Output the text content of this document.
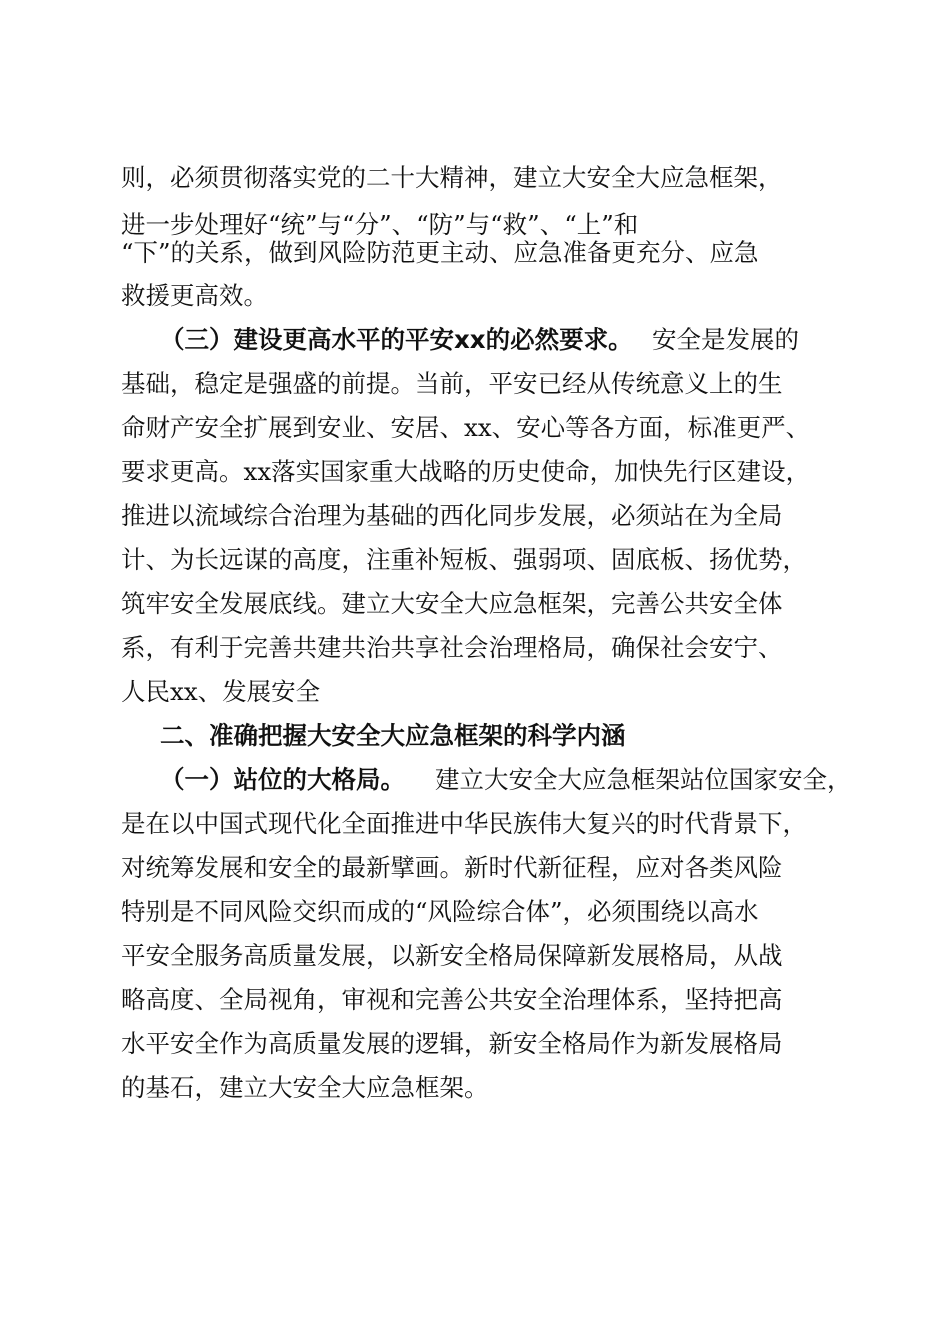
则，必须贯彻落实党的二十大精神，建立大安全大应急框架，
进一步处理好“统”与“分”、“防”与“救”、“上”和
“下”的关系，做到风险防范更主动、应急准备更充分、应急
救援更高效。
（三）建设更高水平的平安xx的必然要求。 安全是发展的
基础，稳定是强盛的前提。当前，平安已经从传统意义上的生
命财产安全扩展到安业、安居、xx、安心等各方面，标准更严、
要求更高。xx落实国家重大战略的历史使命，加快先行区建设，
推进以流域综合治理为基础的西化同步发展，必须站在为全局
计、为长远谋的高度，注重补短板、强弱项、固底板、扬优势，
筑牢安全发展底线。建立大安全大应急框架，完善公共安全体
系，有利于完善共建共治共享社会治理格局，确保社会安宁、
人民xx、发展安全
二、准确把握大安全大应急框架的科学内涵
（一）站位的大格局。 建立大安全大应急框架站位国家安全，
是在以中国式现代化全面推进中华民族伟大复兴的时代背景下，
对统筹发展和安全的最新擘画。新时代新征程，应对各类风险
特别是不同风险交织而成的“风险综合体”，必须围绕以高水
平安全服务高质量发展，以新安全格局保障新发展格局，从战
略高度、全局视角，审视和完善公共安全治理体系，坚持把高
水平安全作为高质量发展的逻辑，新安全格局作为新发展格局
的基石，建立大安全大应急框架。
